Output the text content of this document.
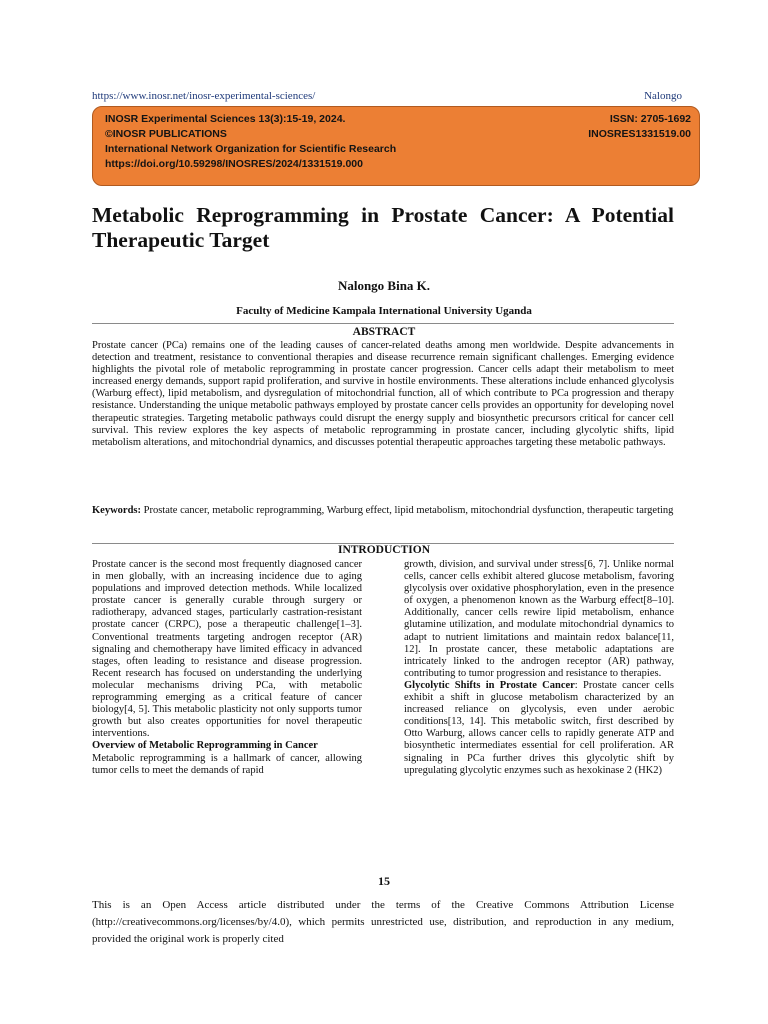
https://www.inosr.net/inosr-experimental-sciences/	Nalongo
INOSR Experimental Sciences 13(3):15-19, 2024.	ISSN: 2705-1692
©INOSR PUBLICATIONS	INOSRES1331519.00
International Network Organization for Scientific Research
https://doi.org/10.59298/INOSRES/2024/1331519.000
Metabolic Reprogramming in Prostate Cancer: A Potential Therapeutic Target
Nalongo Bina K.
Faculty of Medicine Kampala International University Uganda
ABSTRACT
Prostate cancer (PCa) remains one of the leading causes of cancer-related deaths among men worldwide. Despite advancements in detection and treatment, resistance to conventional therapies and disease recurrence remain significant challenges. Emerging evidence highlights the pivotal role of metabolic reprogramming in prostate cancer progression. Cancer cells adapt their metabolism to meet increased energy demands, support rapid proliferation, and survive in hostile environments. These alterations include enhanced glycolysis (Warburg effect), lipid metabolism, and dysregulation of mitochondrial function, all of which contribute to PCa progression and therapy resistance. Understanding the unique metabolic pathways employed by prostate cancer cells provides an opportunity for developing novel therapeutic strategies. Targeting metabolic pathways could disrupt the energy supply and biosynthetic precursors critical for cancer cell survival. This review explores the key aspects of metabolic reprogramming in prostate cancer, including glycolytic shifts, lipid metabolism alterations, and mitochondrial dynamics, and discusses potential therapeutic approaches targeting these metabolic pathways.
Keywords: Prostate cancer, metabolic reprogramming, Warburg effect, lipid metabolism, mitochondrial dysfunction, therapeutic targeting
INTRODUCTION

Prostate cancer is the second most frequently diagnosed cancer in men globally, with an increasing incidence due to aging populations and improved detection methods. While localized prostate cancer is generally curable through surgery or radiotherapy, advanced stages, particularly castration-resistant prostate cancer (CRPC), pose a therapeutic challenge[1–3]. Conventional treatments targeting androgen receptor (AR) signaling and chemotherapy have limited efficacy in advanced stages, often leading to resistance and disease progression. Recent research has focused on understanding the underlying molecular mechanisms driving PCa, with metabolic reprogramming emerging as a critical feature of cancer biology[4, 5]. This metabolic plasticity not only supports tumor growth but also creates opportunities for novel therapeutic interventions.

Overview of Metabolic Reprogramming in Cancer

Metabolic reprogramming is a hallmark of cancer, allowing tumor cells to meet the demands of rapid

growth, division, and survival under stress[6, 7]. Unlike normal cells, cancer cells exhibit altered glucose metabolism, favoring glycolysis over oxidative phosphorylation, even in the presence of oxygen, a phenomenon known as the Warburg effect[8–10]. Additionally, cancer cells rewire lipid metabolism, enhance glutamine utilization, and modulate mitochondrial dynamics to adapt to nutrient limitations and maintain redox balance[11, 12]. In prostate cancer, these metabolic adaptations are intricately linked to the androgen receptor (AR) pathway, contributing to tumor progression and resistance to therapies.

Glycolytic Shifts in Prostate Cancer: Prostate cancer cells exhibit a shift in glucose metabolism characterized by an increased reliance on glycolysis, even under aerobic conditions[13, 14]. This metabolic switch, first described by Otto Warburg, allows cancer cells to rapidly generate ATP and biosynthetic intermediates essential for cell proliferation. AR signaling in PCa further drives this glycolytic shift by upregulating glycolytic enzymes such as hexokinase 2 (HK2)

15
This is an Open Access article distributed under the terms of the Creative Commons Attribution License (http://creativecommons.org/licenses/by/4.0), which permits unrestricted use, distribution, and reproduction in any medium, provided the original work is properly cited
